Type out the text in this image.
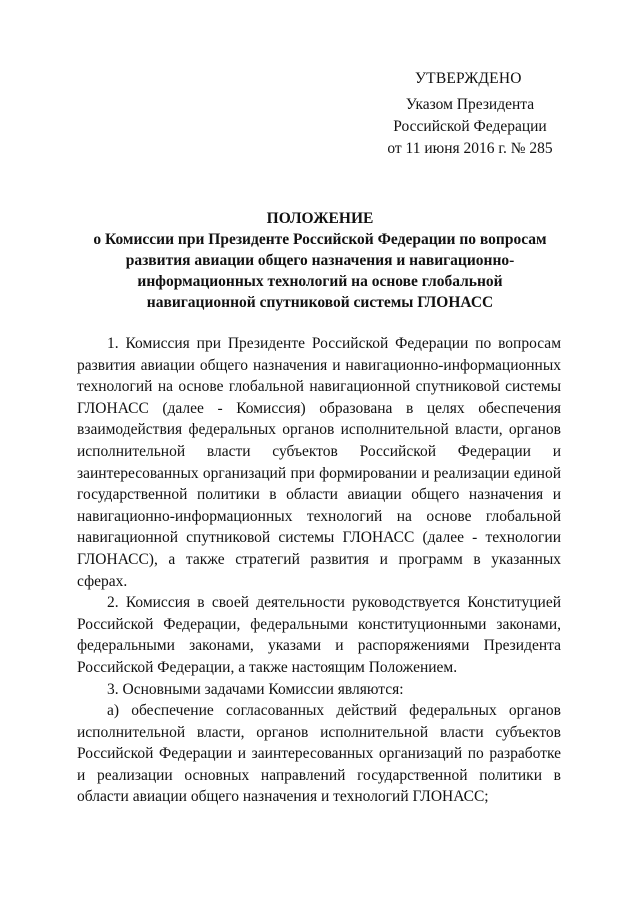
УТВЕРЖДЕНО
Указом Президента
Российской Федерации
от 11 июня 2016 г. № 285
ПОЛОЖЕНИЕ
о Комиссии при Президенте Российской Федерации по вопросам
развития авиации общего назначения и навигационно-
информационных технологий на основе глобальной
навигационной спутниковой системы ГЛОНАСС

1. Комиссия при Президенте Российской Федерации по вопросам развития авиации общего назначения и навигационно-информационных технологий на основе глобальной навигационной спутниковой системы ГЛОНАСС (далее - Комиссия) образована в целях обеспечения взаимодействия федеральных органов исполнительной власти, органов исполнительной власти субъектов Российской Федерации и заинтересованных организаций при формировании и реализации единой государственной политики в области авиации общего назначения и навигационно-информационных технологий на основе глобальной навигационной спутниковой системы ГЛОНАСС (далее - технологии ГЛОНАСС), а также стратегий развития и программ в указанных сферах.

2. Комиссия в своей деятельности руководствуется Конституцией Российской Федерации, федеральными конституционными законами, федеральными законами, указами и распоряжениями Президента Российской Федерации, а также настоящим Положением.

3. Основными задачами Комиссии являются:

а) обеспечение согласованных действий федеральных органов исполнительной власти, органов исполнительной власти субъектов Российской Федерации и заинтересованных организаций по разработке и реализации основных направлений государственной политики в области авиации общего назначения и технологий ГЛОНАСС;
